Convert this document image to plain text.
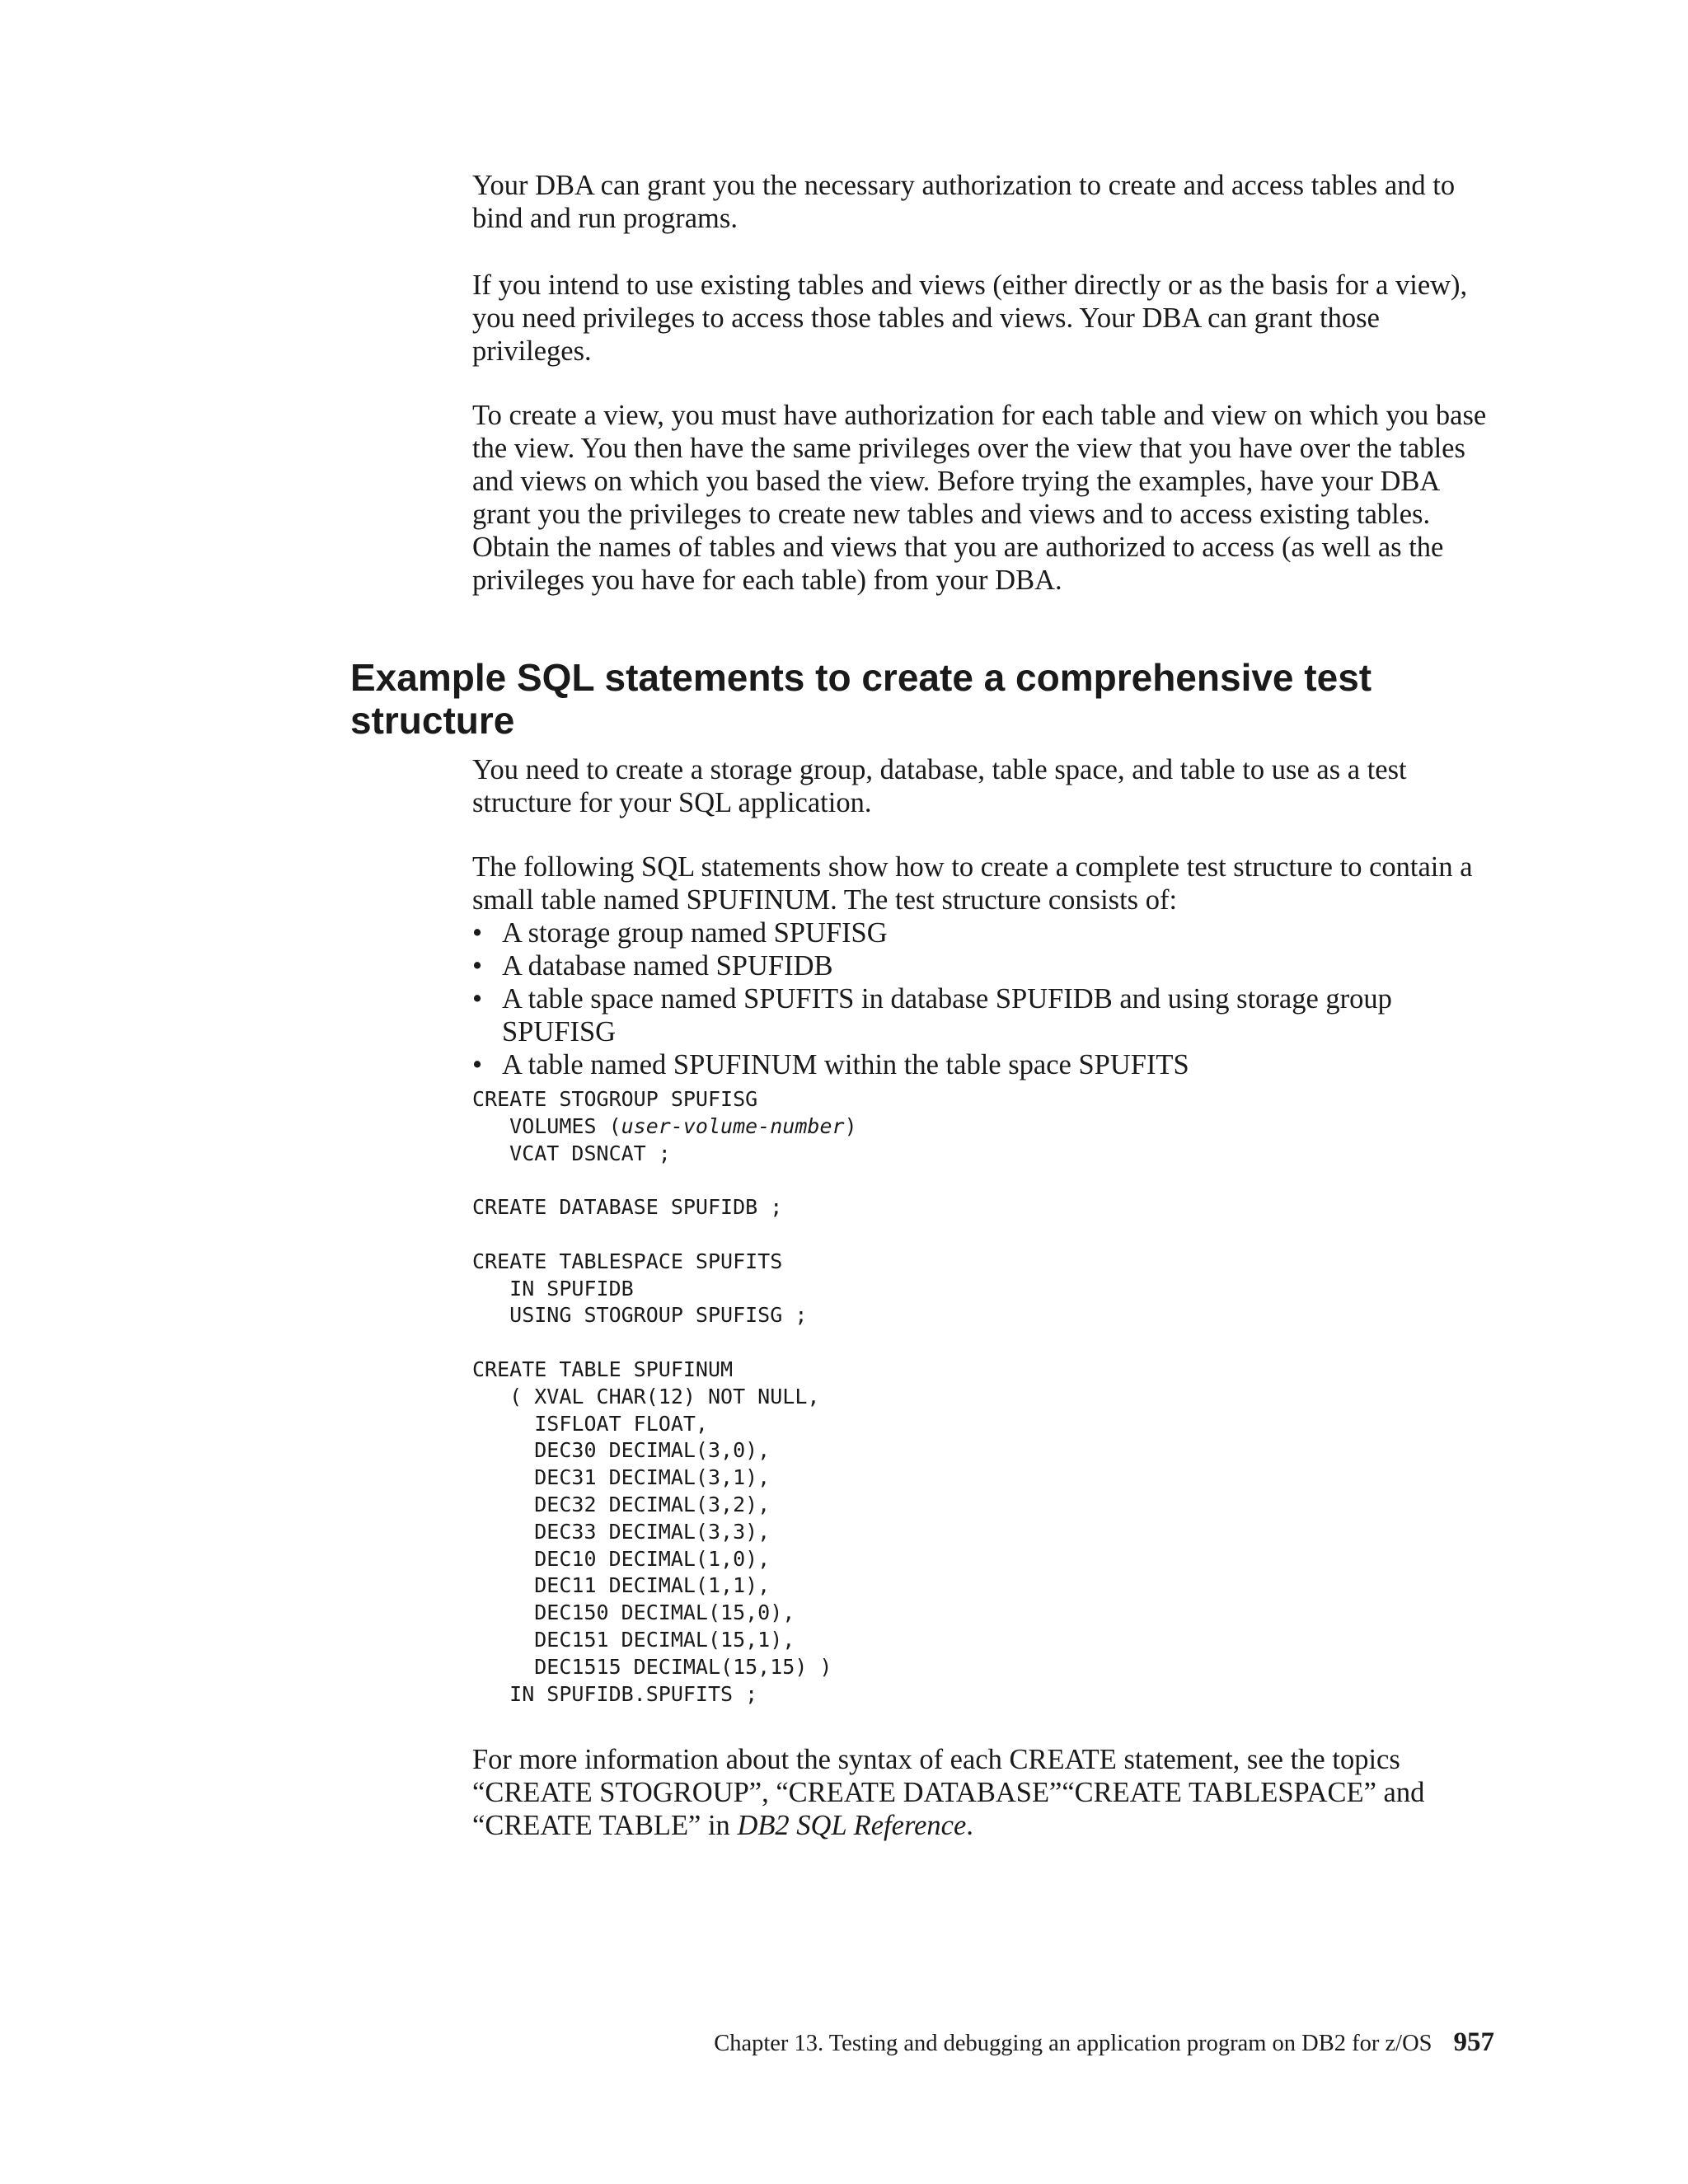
Your DBA can grant you the necessary authorization to create and access tables and to bind and run programs.

If you intend to use existing tables and views (either directly or as the basis for a view), you need privileges to access those tables and views. Your DBA can grant those privileges.

To create a view, you must have authorization for each table and view on which you base the view. You then have the same privileges over the view that you have over the tables and views on which you based the view. Before trying the examples, have your DBA grant you the privileges to create new tables and views and to access existing tables. Obtain the names of tables and views that you are authorized to access (as well as the privileges you have for each table) from your DBA.

Example SQL statements to create a comprehensive test structure

You need to create a storage group, database, table space, and table to use as a test structure for your SQL application.

The following SQL statements show how to create a complete test structure to contain a small table named SPUFINUM. The test structure consists of:

• A storage group named SPUFISG
• A database named SPUFIDB
• A table space named SPUFITS in database SPUFIDB and using storage group SPUFISG
• A table named SPUFINUM within the table space SPUFITS
CREATE STOGROUP SPUFISG
VOLUMES (user-volume-number)
VCAT DSNCAT ;

CREATE DATABASE SPUFIDB ;

CREATE TABLESPACE SPUFITS
IN SPUFIDB
USING STOGROUP SPUFISG ;

CREATE TABLE SPUFINUM
( XVAL CHAR(12) NOT NULL,
ISFLOAT FLOAT,
DEC30 DECIMAL(3,0),
DEC31 DECIMAL(3,1),
DEC32 DECIMAL(3,2),
DEC33 DECIMAL(3,3),
DEC10 DECIMAL(1,0),
DEC11 DECIMAL(1,1),
DEC150 DECIMAL(15,0),
DEC151 DECIMAL(15,1),
DEC1515 DECIMAL(15,15) )
IN SPUFIDB.SPUFITS ;

For more information about the syntax of each CREATE statement, see the topics “CREATE STOGROUP”, “CREATE DATABASE”“CREATE TABLESPACE” and “CREATE TABLE” in DB2 SQL Reference.

Chapter 13. Testing and debugging an application program on DB2 for z/OS 957
